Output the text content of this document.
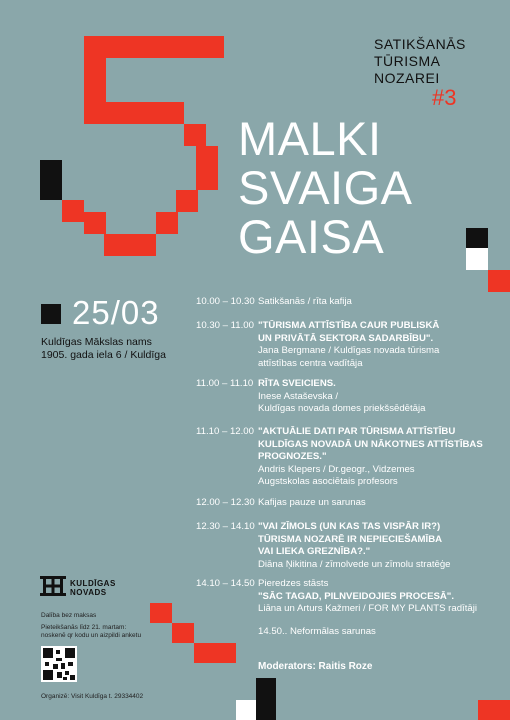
SATIKŠANĀS
TŪRISMA
NOZAREI
#3
MALKI
SVAIGA
GAISA
25/03
Kuldīgas Mākslas nams
1905. gada iela 6 / Kuldīga
10.00 – 10.30 Satikšanās / rīta kafija
10.30 – 11.00 "TŪRISMA ATTĪSTĪBA CAUR PUBLISKĀ
UN PRIVĀTĀ SEKTORA SADARBĪBU".
Jana Bergmane / Kuldīgas novada tūrisma
attīstības centra vadītāja
11.00 – 11.10 RĪTA SVEICIENS.
Inese Astaševska /
Kuldīgas novada domes priekšsēdētāja
11.10 – 12.00 "AKTUĀLIE DATI PAR TŪRISMA ATTĪSTĪBU
KULDĪGAS NOVADĀ UN NĀKOTNES ATTĪSTĪBAS
PROGNOZES."
Andris Klepers / Dr.geogr., Vidzemes
Augstskolas asociētais profesors
12.00 – 12.30 Kafijas pauze un sarunas
12.30 – 14.10 "VAI ZĪMOLS (UN KAS TAS VISPĀR IR?)
TŪRISMA NOZARĒ IR NEPIECIEŠAMĪBA
VAI LIEKA GREZNĪBA?."
Diāna Ņikitina / zīmolvede un zīmolu stratēģe
14.10 – 14.50 Pieredzes stāsts
"SĀC TAGAD, PILNVEIDOJIES PROCESĀ".
Liāna un Arturs Kažmeri / FOR MY PLANTS radītāji
14.50.. Neformālas sarunas
Moderators: Raitis Roze
KULDĪGAS
NOVADS
Dalība bez maksas
Pieteikšanās līdz 21. martam:
noskenē qr kodu un aizpildi anketu
Organizē: Visit Kuldīga t. 29334402
